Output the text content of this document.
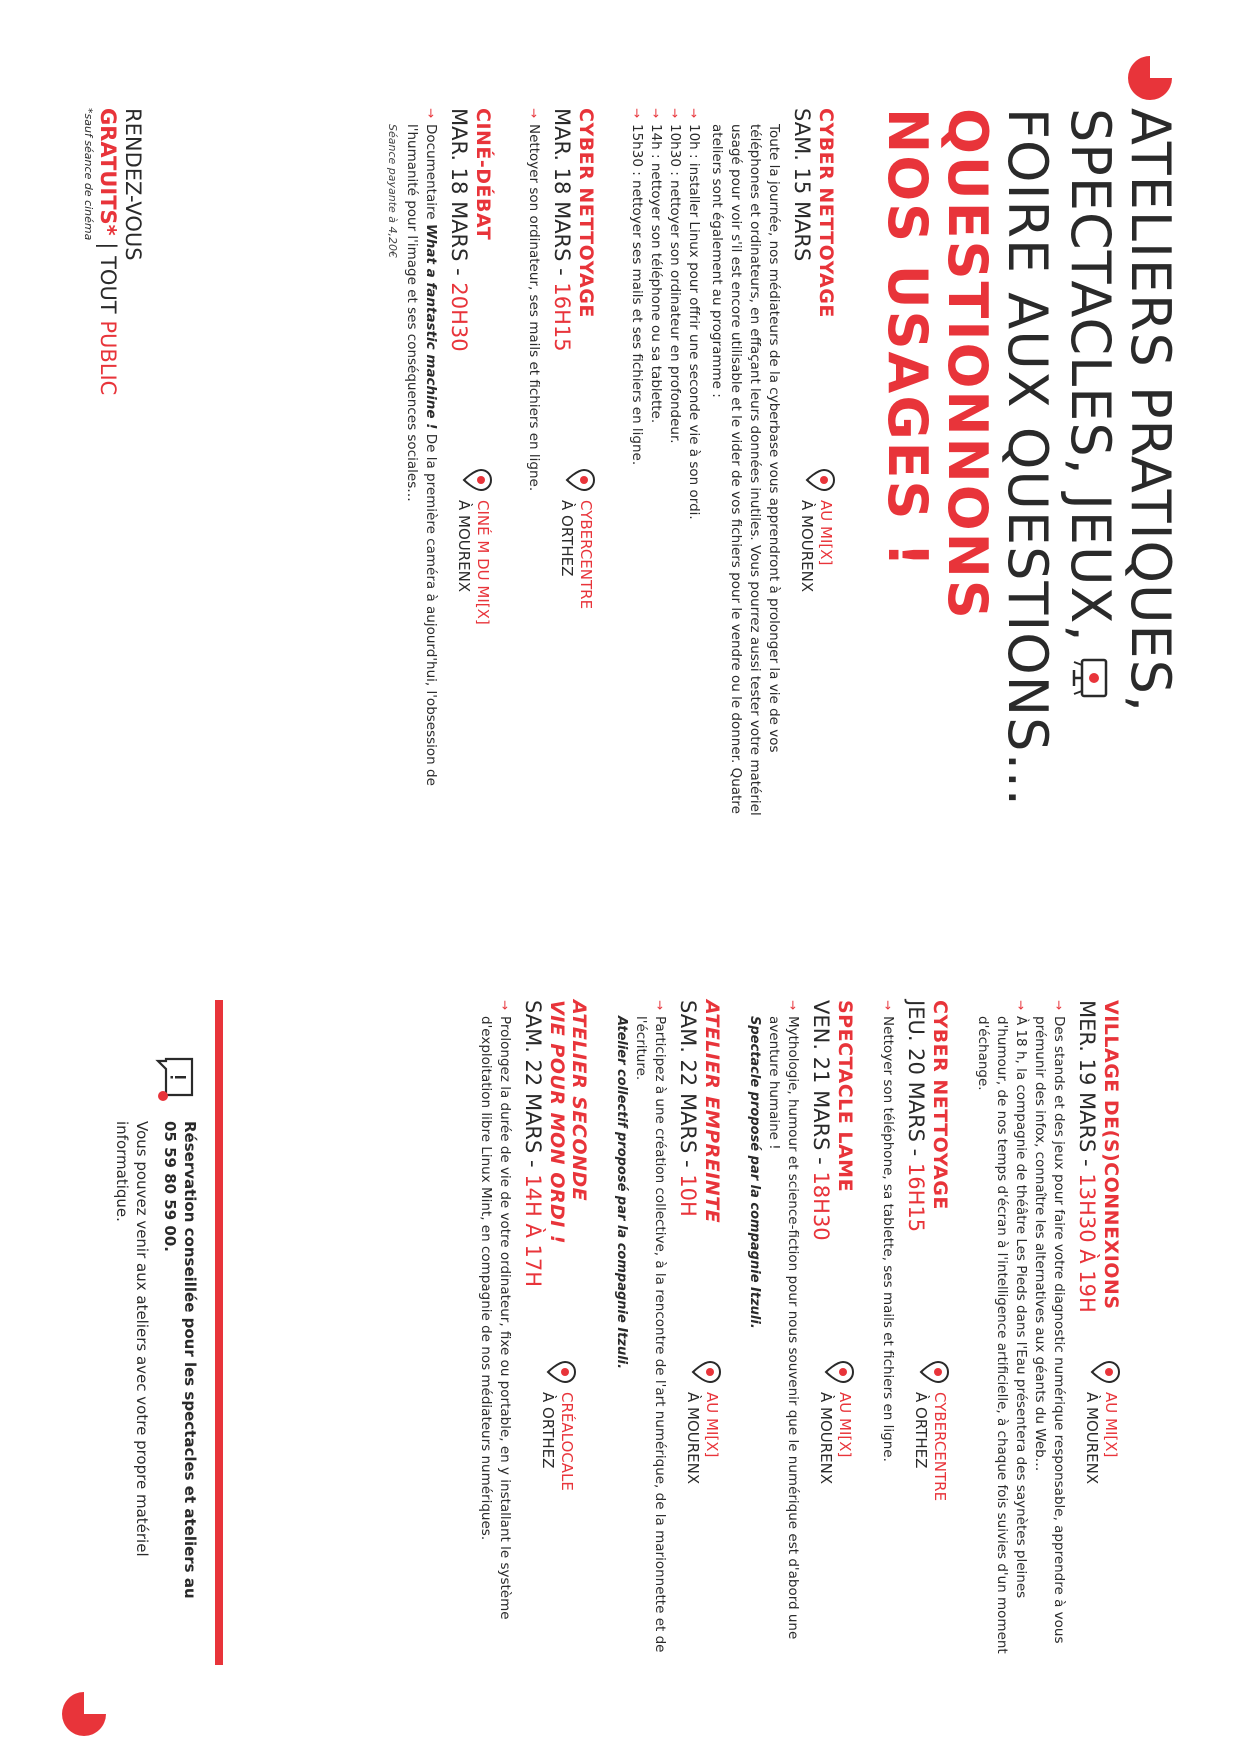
ATELIERS PRATIQUES,
SPECTACLES, JEUX,
FOIRE AUX QUESTIONS…
QUESTIONNONS
NOS USAGES !
CYBER NETTOYAGE
SAM. 15 MARS
AU MI[X]
À MOURENX

Toute la journée, nos médiateurs de la cyberbase vous apprendront à prolonger la vie de vos téléphones et ordinateurs, en effaçant leurs données inutiles. Vous pourrez aussi tester votre matériel usagé pour voir s'il est encore utilisable et le vider de vos fichiers pour le vendre ou le donner. Quatre ateliers sont également au programme :

→ 10h : installer Linux pour offrir une seconde vie à son ordi.

→ 10h30 : nettoyer son ordinateur en profondeur.

→ 14h : nettoyer son téléphone ou sa tablette.

→ 15h30 : nettoyer ses mails et ses fichiers en ligne.

CYBER NETTOYAGE
MAR. 18 MARS - 16H15
CYBERCENTRE
À ORTHEZ

→ Nettoyer son ordinateur, ses mails et fichiers en ligne.

CINÉ-DÉBAT
MAR. 18 MARS - 20H30
CINÉ M DU MI[X]
À MOURENX

→ Documentaire What a fantastic machine ! De la première caméra à aujourd'hui, l'obsession de l'humanité pour l'image et ses conséquences sociales…

Séance payante à 4,20€

RENDEZ-VOUS
GRATUITS* | TOUT PUBLIC
*sauf séance de cinéma
VILLAGE DE(S)CONNEXIONS
MER. 19 MARS - 13H30 À 19H
AU MI[X]
À MOURENX

→ Des stands et des jeux pour faire votre diagnostic numérique responsable, apprendre à vous prémunir des infox, connaître les alternatives aux géants du Web…

→ À 18 h, la compagnie de théâtre Les Pieds dans l'Eau présentera des saynètes pleines d'humour, de nos temps d'écran à l'intelligence artificielle, à chaque fois suivies d'un moment d'échange.

CYBER NETTOYAGE
JEU. 20 MARS - 16H15
CYBERCENTRE
À ORTHEZ

→ Nettoyer son téléphone, sa tablette, ses mails et fichiers en ligne.

SPECTACLE LAME
VEN. 21 MARS - 18H30
AU MI[X]
À MOURENX

→ Mythologie, humour et science-fiction pour nous souvenir que le numérique est d'abord une aventure humaine !

Spectacle proposé par la compagnie Itzuli.

ATELIER EMPREINTE
SAM. 22 MARS - 10H
AU MI[X]
À MOURENX

→ Participez à une création collective, à la rencontre de l'art numérique, de la marionnette et de l'écriture.

Atelier collectif proposé par la compagnie Itzuli.

ATELIER SECONDE
VIE POUR MON ORDI !
SAM. 22 MARS - 14H À 17H
CRÉALOCALE
À ORTHEZ

→ Prolongez la durée de vie de votre ordinateur, fixe ou portable, en y installant le système d'exploitation libre Linux Mint, en compagnie de nos médiateurs numériques.

Réservation conseillée pour les spectacles et ateliers au 05 59 80 59 00.

Vous pouvez venir aux ateliers avec votre propre matériel informatique.
